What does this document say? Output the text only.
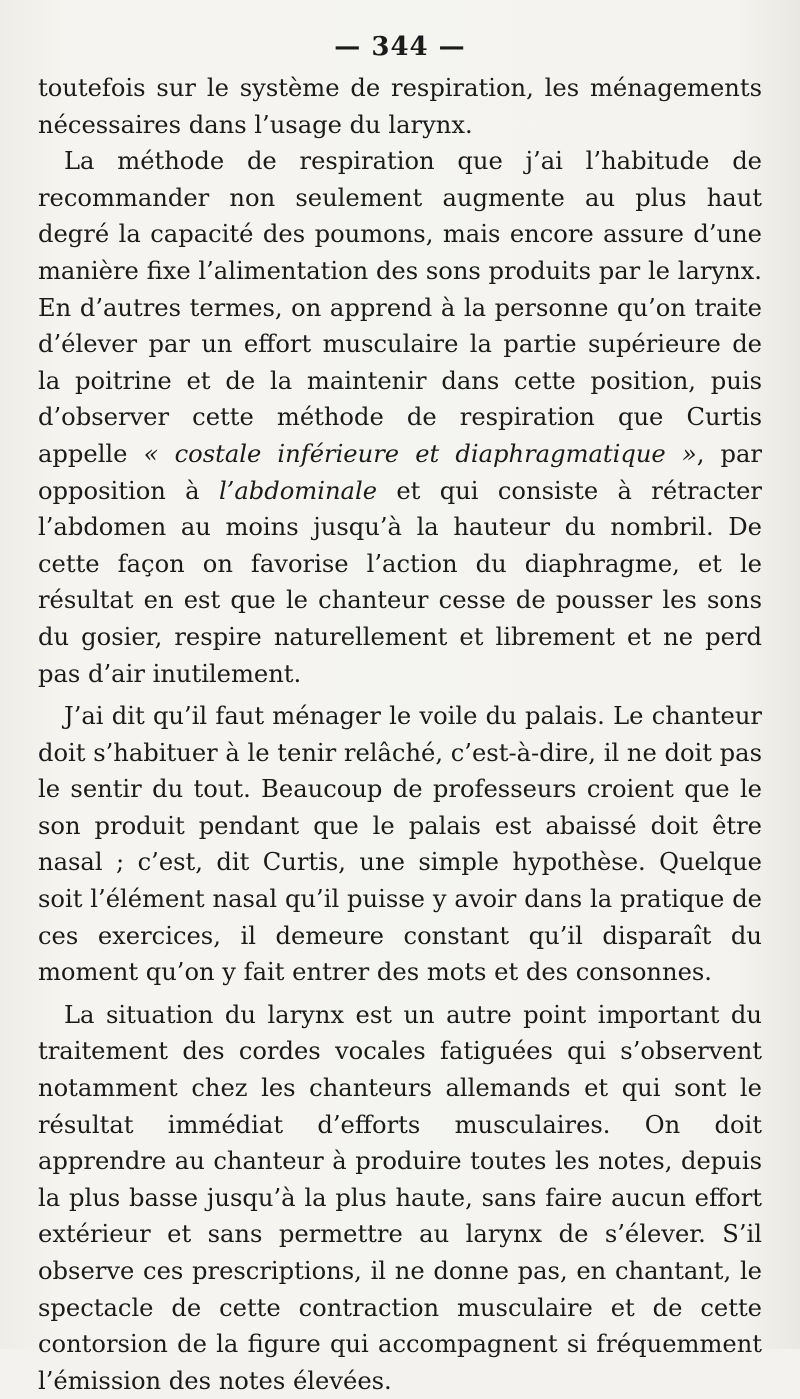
— 344 —

toutefois sur le système de respiration, les ménagements nécessaires dans l’usage du larynx.

La méthode de respiration que j’ai l’habitude de recommander non seulement augmente au plus haut degré la capacité des poumons, mais encore assure d’une manière fixe l’alimentation des sons produits par le larynx. En d’autres termes, on apprend à la personne qu’on traite d’élever par un effort musculaire la partie supérieure de la poitrine et de la maintenir dans cette position, puis d’observer cette méthode de respiration que Curtis appelle « costale inférieure et diaphragmatique », par opposition à l’abdominale et qui consiste à rétracter l’abdomen au moins jusqu’à la hauteur du nombril. De cette façon on favorise l’action du diaphragme, et le résultat en est que le chanteur cesse de pousser les sons du gosier, respire naturellement et librement et ne perd pas d’air inutilement.

J’ai dit qu’il faut ménager le voile du palais. Le chanteur doit s’habituer à le tenir relâché, c’est-à-dire, il ne doit pas le sentir du tout. Beaucoup de professeurs croient que le son produit pendant que le palais est abaissé doit être nasal ; c’est, dit Curtis, une simple hypothèse. Quelque soit l’élément nasal qu’il puisse y avoir dans la pratique de ces exercices, il demeure constant qu’il disparaît du moment qu’on y fait entrer des mots et des consonnes.

La situation du larynx est un autre point important du traitement des cordes vocales fatiguées qui s’observent notamment chez les chanteurs allemands et qui sont le résultat immédiat d’efforts musculaires. On doit apprendre au chanteur à produire toutes les notes, depuis la plus basse jusqu’à la plus haute, sans faire aucun effort extérieur et sans permettre au larynx de s’élever. S’il observe ces prescriptions, il ne donne pas, en chantant, le spectacle de cette contraction musculaire et de cette contorsion de la figure qui accompagnent si fréquemment l’émission des notes élevées.
